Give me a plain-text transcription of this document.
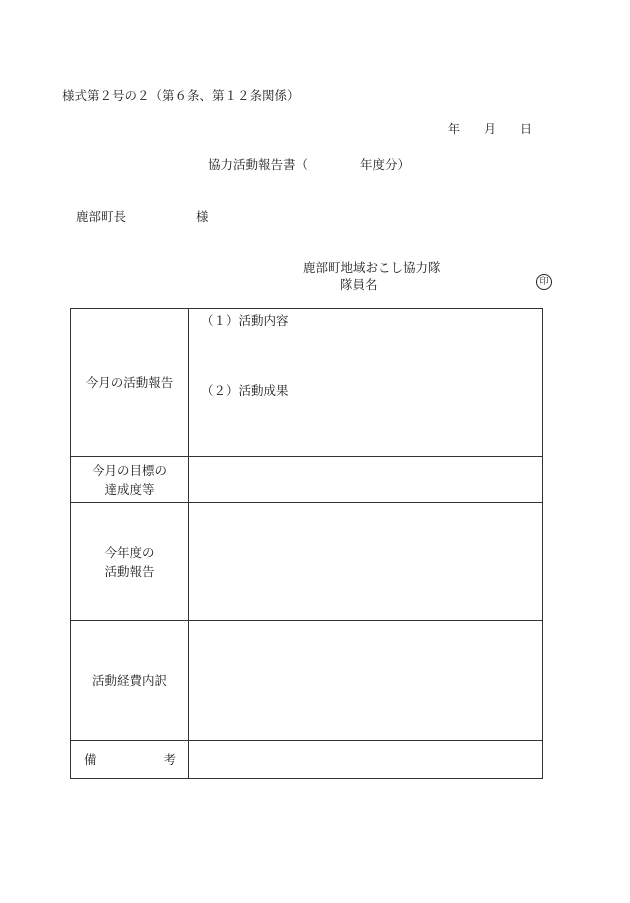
様式第２号の２（第６条、第１２条関係）
年 月 日
協力活動報告書（	年度分）
鹿部町長	様
鹿部町地域おこし協力隊
隊員名	印
今月の活動報告	（１）活動内容
（２）活動成果

今月の目標の
達成度等	

今年度の
活動報告	

活動経費内訳	

備 考	
